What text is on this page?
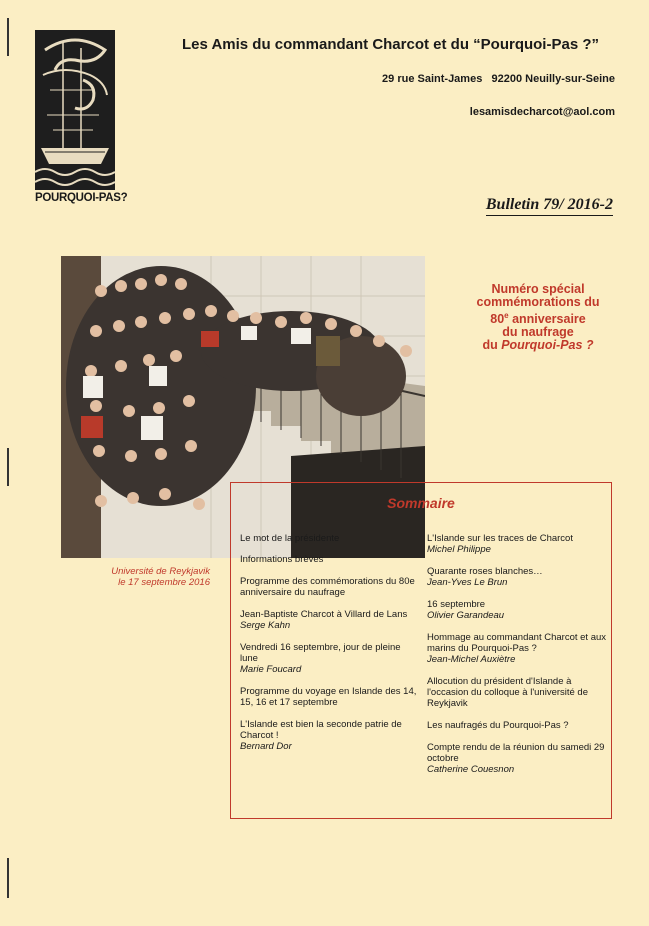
POURQUOI-PAS?
Les Amis du commandant Charcot et du “Pourquoi-Pas ?”
29 rue Saint-James   92200 Neuilly-sur-Seine
lesamisdecharcot@aol.com
Bulletin 79/ 2016-2
Numéro spécial
commémorations du
80e anniversaire
du naufrage
du Pourquoi-Pas ?
Université de Reykjavik
le 17 septembre 2016
Sommaire
Le mot de la présidente
Informations brèves
Programme des commémorations du 80e anniversaire du naufrage
Jean-Baptiste Charcot à Villard de Lans
Serge Kahn
Vendredi 16 septembre, jour de pleine lune
Marie Foucard
Programme du voyage en Islande des 14, 15, 16 et 17 septembre
L'Islande est bien la seconde patrie de Charcot !
Bernard Dor
L'Islande sur les traces de Charcot
Michel Philippe
Quarante roses blanches…
Jean-Yves Le Brun
16 septembre
Olivier Garandeau
Hommage au commandant Charcot et aux marins du Pourquoi-Pas ?
Jean-Michel Auxiètre
Allocution du président d'Islande à l'occasion du colloque à l'université de Reykjavik
Les naufragés du Pourquoi-Pas ?
Compte rendu de la réunion du samedi 29 octobre
Catherine Couesnon
